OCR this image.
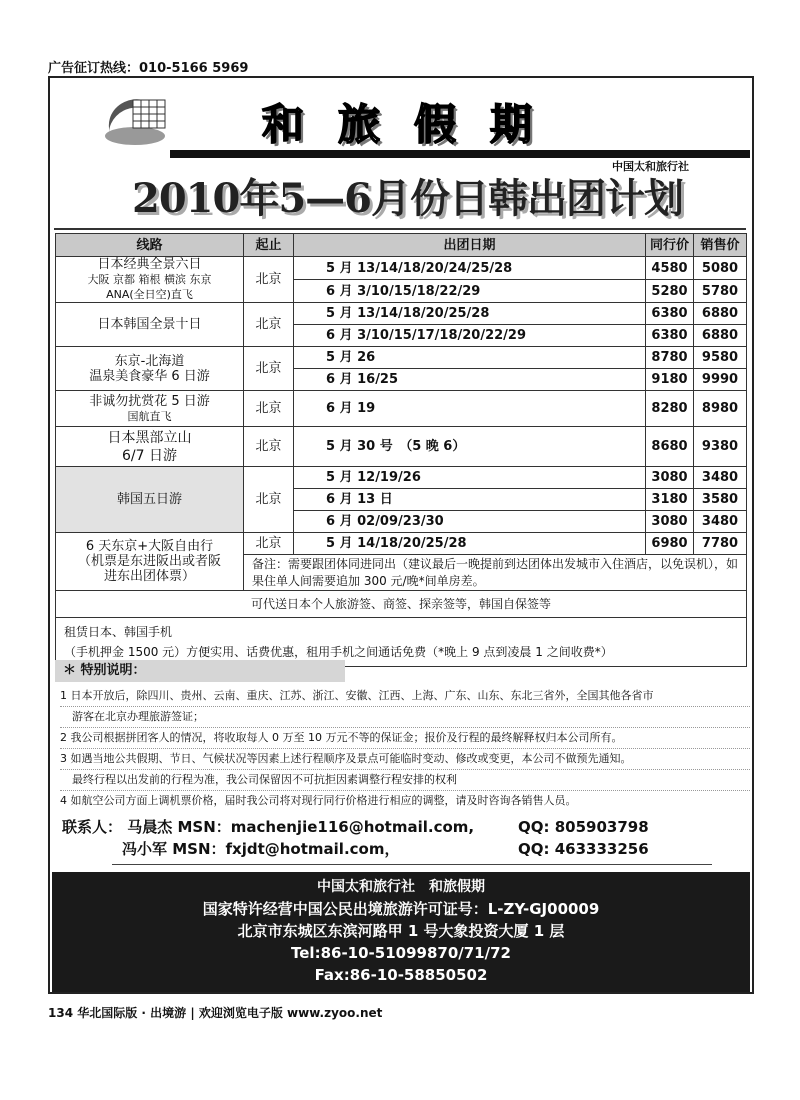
广告征订热线：010-5166 5969
和旅假期
中国太和旅行社
2010年5—6月份日韩出团计划
线路	起止	出团日期	同行价	销售价

日本经典全景六日
大阪 京都 箱根 横滨 东京
ANA(全日空)直飞	北京	5 月 13/14/18/20/24/25/28	4580	5080
		6 月 3/10/15/18/22/29	5280	5780
日本韩国全景十日	北京	5 月 13/14/18/20/25/28	6380	6880
		6 月 3/10/15/17/18/20/22/29	6380	6880

东京-北海道
温泉美食豪华 6 日游	北京	5 月 26	8780	9580
		6 月 16/25	9180	9990

非诚勿扰赏花 5 日游
国航直飞	北京	6 月 19	8280	8980

日本黑部立山
6/7 日游	北京	5 月 30 号　（5 晚 6）	8680	9380
韩国五日游	北京	5 月 12/19/26	3080	3480
		6 月 13 日	3180	3580
		6 月 02/09/23/30	3080	3480

6 天东京+大阪自由行
（机票是东进阪出或者阪
进东出团体票）	北京	5 月 14/18/20/25/28	6980	7780
	备注：需要跟团体同进同出（建议最后一晚提前到达团体出发城市入住酒店，以免误机），如果住单人间需要追加 300 元/晚*间单房差。			
可代送日本个人旅游签、商签、探亲签等，韩国自保签等				

租赁日本、韩国手机
（手机押金 1500 元）方便实用、话费优惠，租用手机之间通话免费（*晚上 9 点到凌晨 1 之间收费*）				
＊ 特别说明：
1 日本开放后，除四川、贵州、云南、重庆、江苏、浙江、安徽、江西、上海、广东、山东、东北三省外，全国其他各省市
游客在北京办理旅游签证；
2 我公司根据拼团客人的情况，将收取每人 0 万至 10 万元不等的保证金；报价及行程的最终解释权归本公司所有。
3 如遇当地公共假期、节日、气候状况等因素上述行程顺序及景点可能临时变动、修改或变更，本公司不做预先通知。
最终行程以出发前的行程为准，我公司保留因不可抗拒因素调整行程安排的权利
4 如航空公司方面上调机票价格，届时我公司将对现行同行价格进行相应的调整，请及时咨询各销售人员。
联系人： 马晨杰 MSN：machenjie116@hotmail.com,	QQ: 805903798
冯小军 MSN：fxjdt@hotmail.com，	QQ: 463333256
中国太和旅行社　和旅假期
国家特许经营中国公民出境旅游许可证号：L-ZY-GJ00009
北京市东城区东滨河路甲 1 号大象投资大厦 1 层
Tel:86-10-51099870/71/72
Fax:86-10-58850502
134 华北国际版 · 出境游 | 欢迎浏览电子版 www.zyoo.net
